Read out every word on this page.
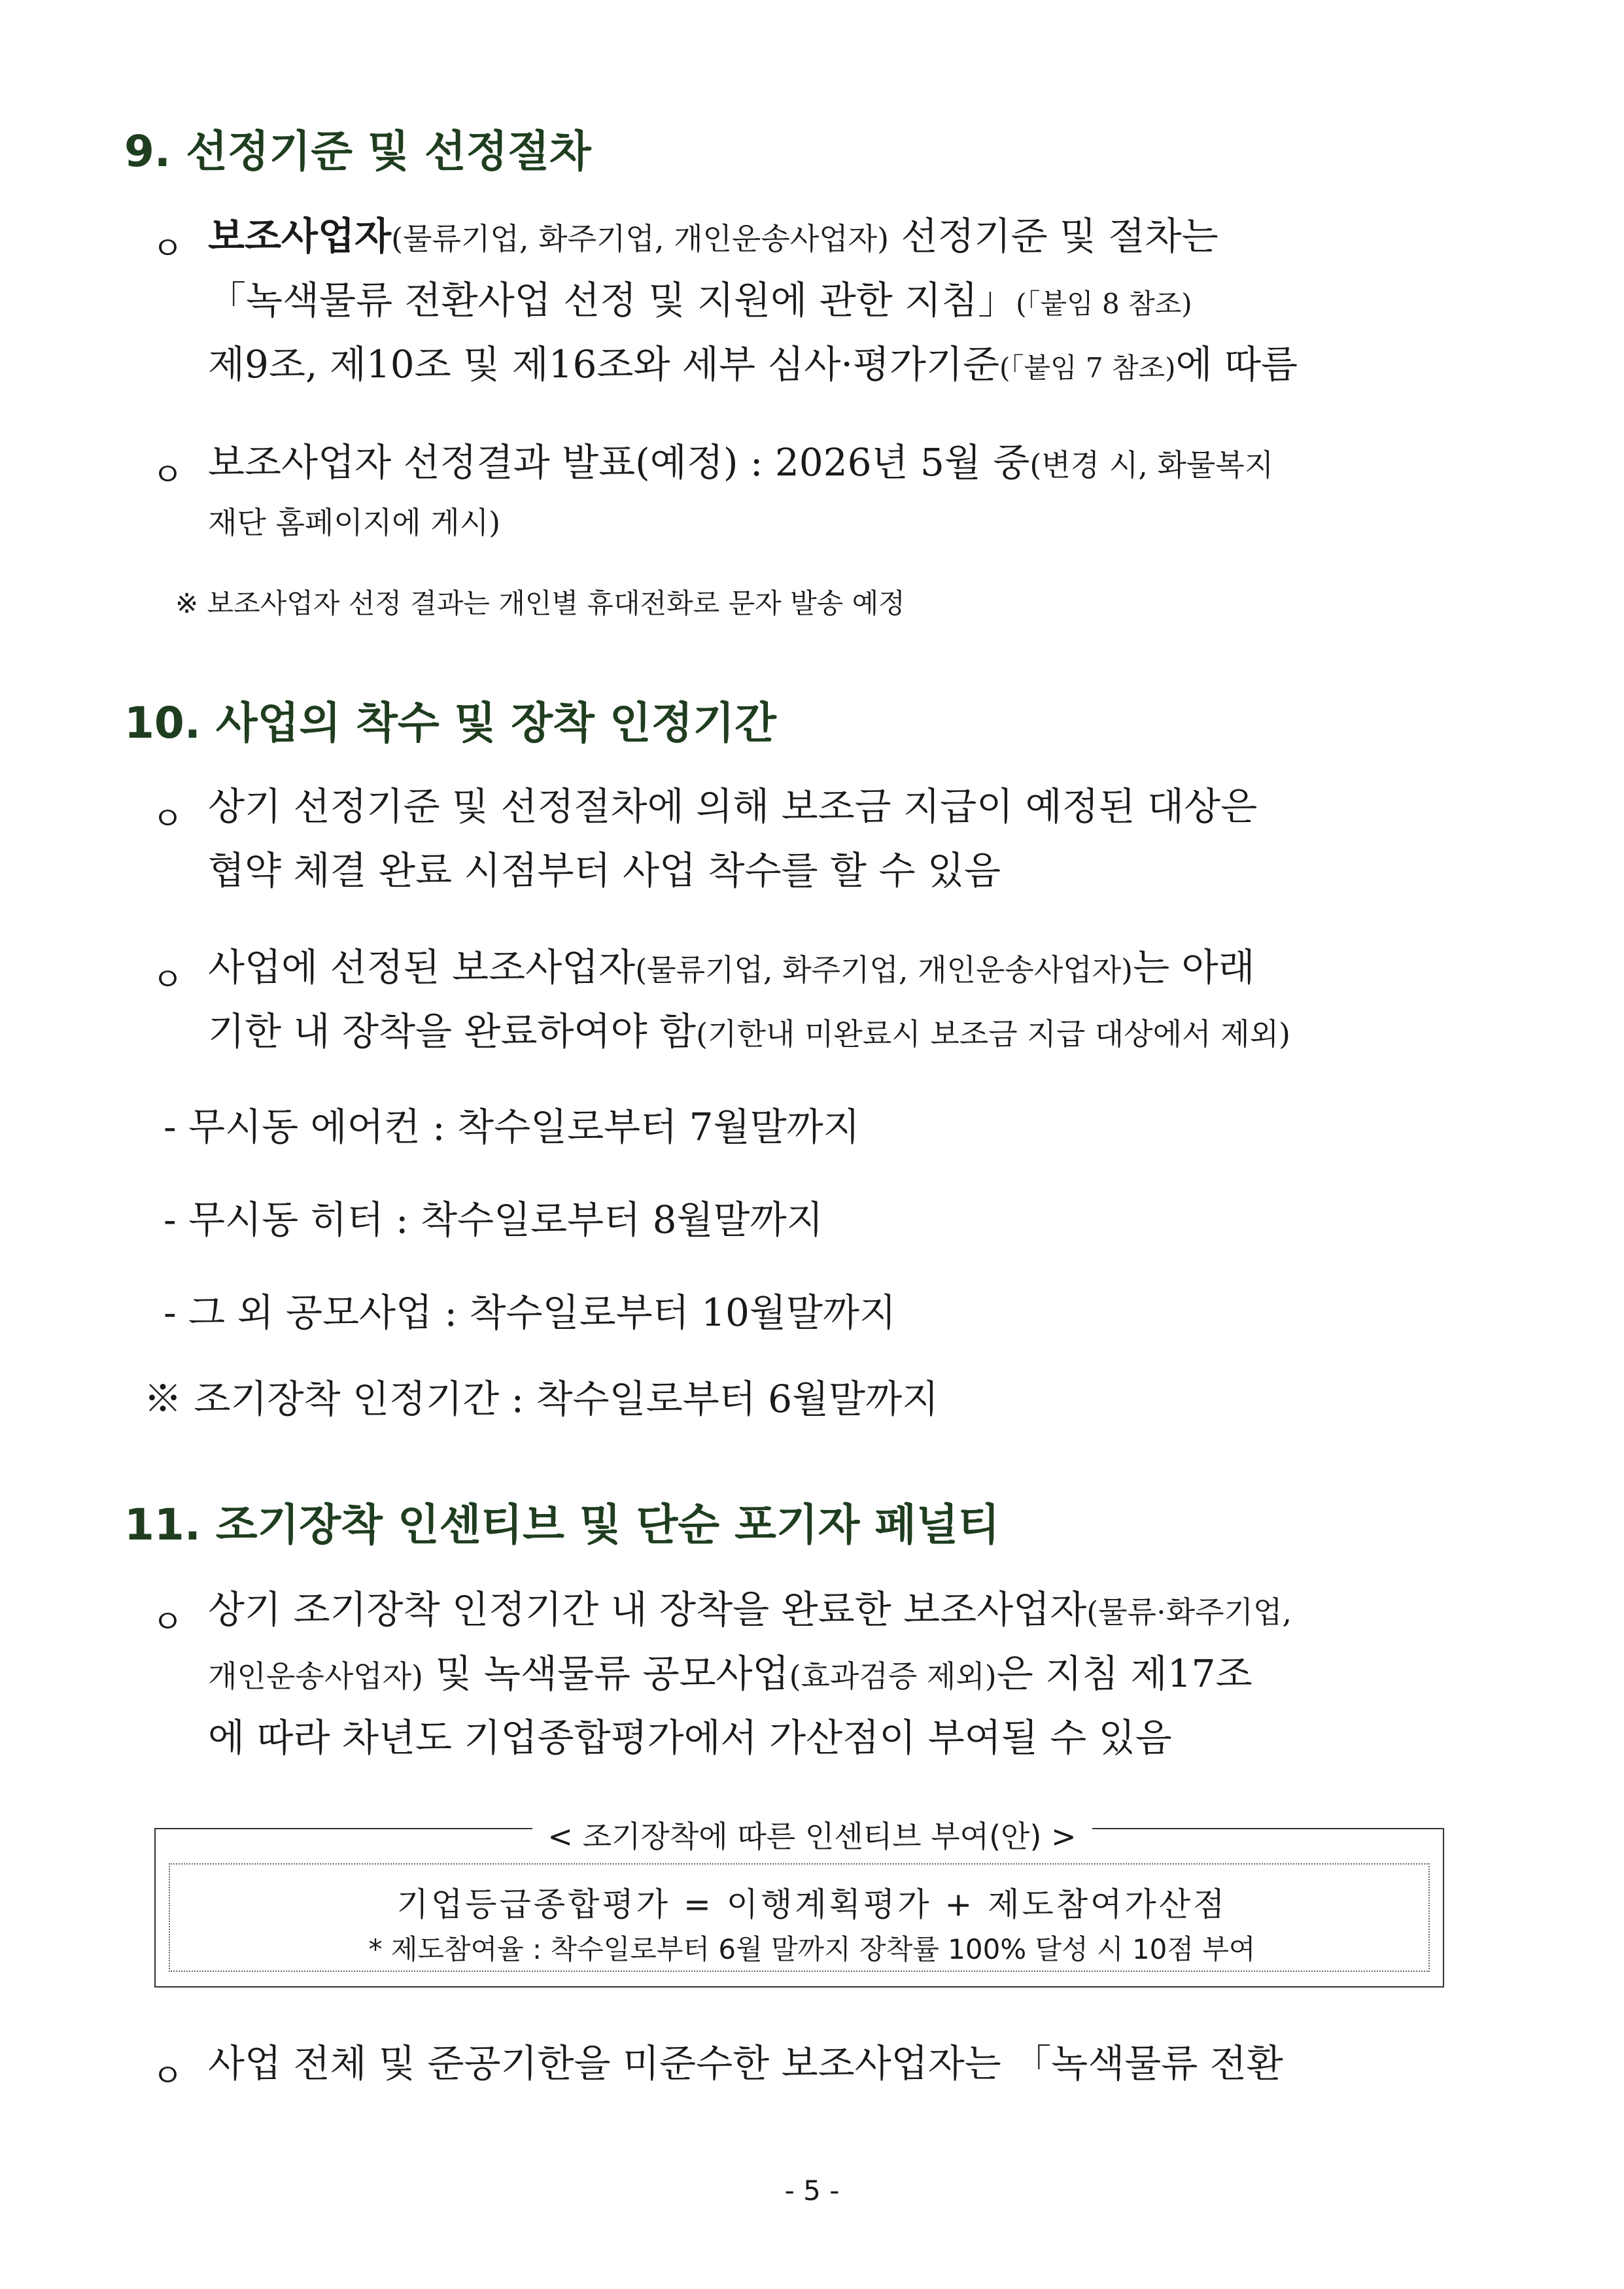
9. 선정기준 및 선정절차
ㅇ 보조사업자(물류기업, 화주기업, 개인운송사업자) 선정기준 및 절차는
「녹색물류 전환사업 선정 및 지원에 관한 지침」(「붙임 8 참조)
제9조, 제10조 및 제16조와 세부 심사·평가기준(「붙임 7 참조)에 따름
ㅇ 보조사업자 선정결과 발표(예정) : 2026년 5월 중(변경 시, 화물복지
재단 홈페이지에 게시)
※ 보조사업자 선정 결과는 개인별 휴대전화로 문자 발송 예정
10. 사업의 착수 및 장착 인정기간
ㅇ 상기 선정기준 및 선정절차에 의해 보조금 지급이 예정된 대상은
협약 체결 완료 시점부터 사업 착수를 할 수 있음
ㅇ 사업에 선정된 보조사업자(물류기업, 화주기업, 개인운송사업자)는 아래
기한 내 장착을 완료하여야 함(기한내 미완료시 보조금 지급 대상에서 제외)
- 무시동 에어컨 : 착수일로부터 7월말까지
- 무시동 히터 : 착수일로부터 8월말까지
- 그 외 공모사업 : 착수일로부터 10월말까지
※ 조기장착 인정기간 : 착수일로부터 6월말까지
11. 조기장착 인센티브 및 단순 포기자 페널티
ㅇ 상기 조기장착 인정기간 내 장착을 완료한 보조사업자(물류·화주기업,
개인운송사업자) 및 녹색물류 공모사업(효과검증 제외)은 지침 제17조
에 따라 차년도 기업종합평가에서 가산점이 부여될 수 있음
< 조기장착에 따른 인센티브 부여(안) >
기업등급종합평가 = 이행계획평가 + 제도참여가산점
* 제도참여율 : 착수일로부터 6월 말까지 장착률 100% 달성 시 10점 부여
ㅇ 사업 전체 및 준공기한을 미준수한 보조사업자는 「녹색물류 전환
- 5 -
